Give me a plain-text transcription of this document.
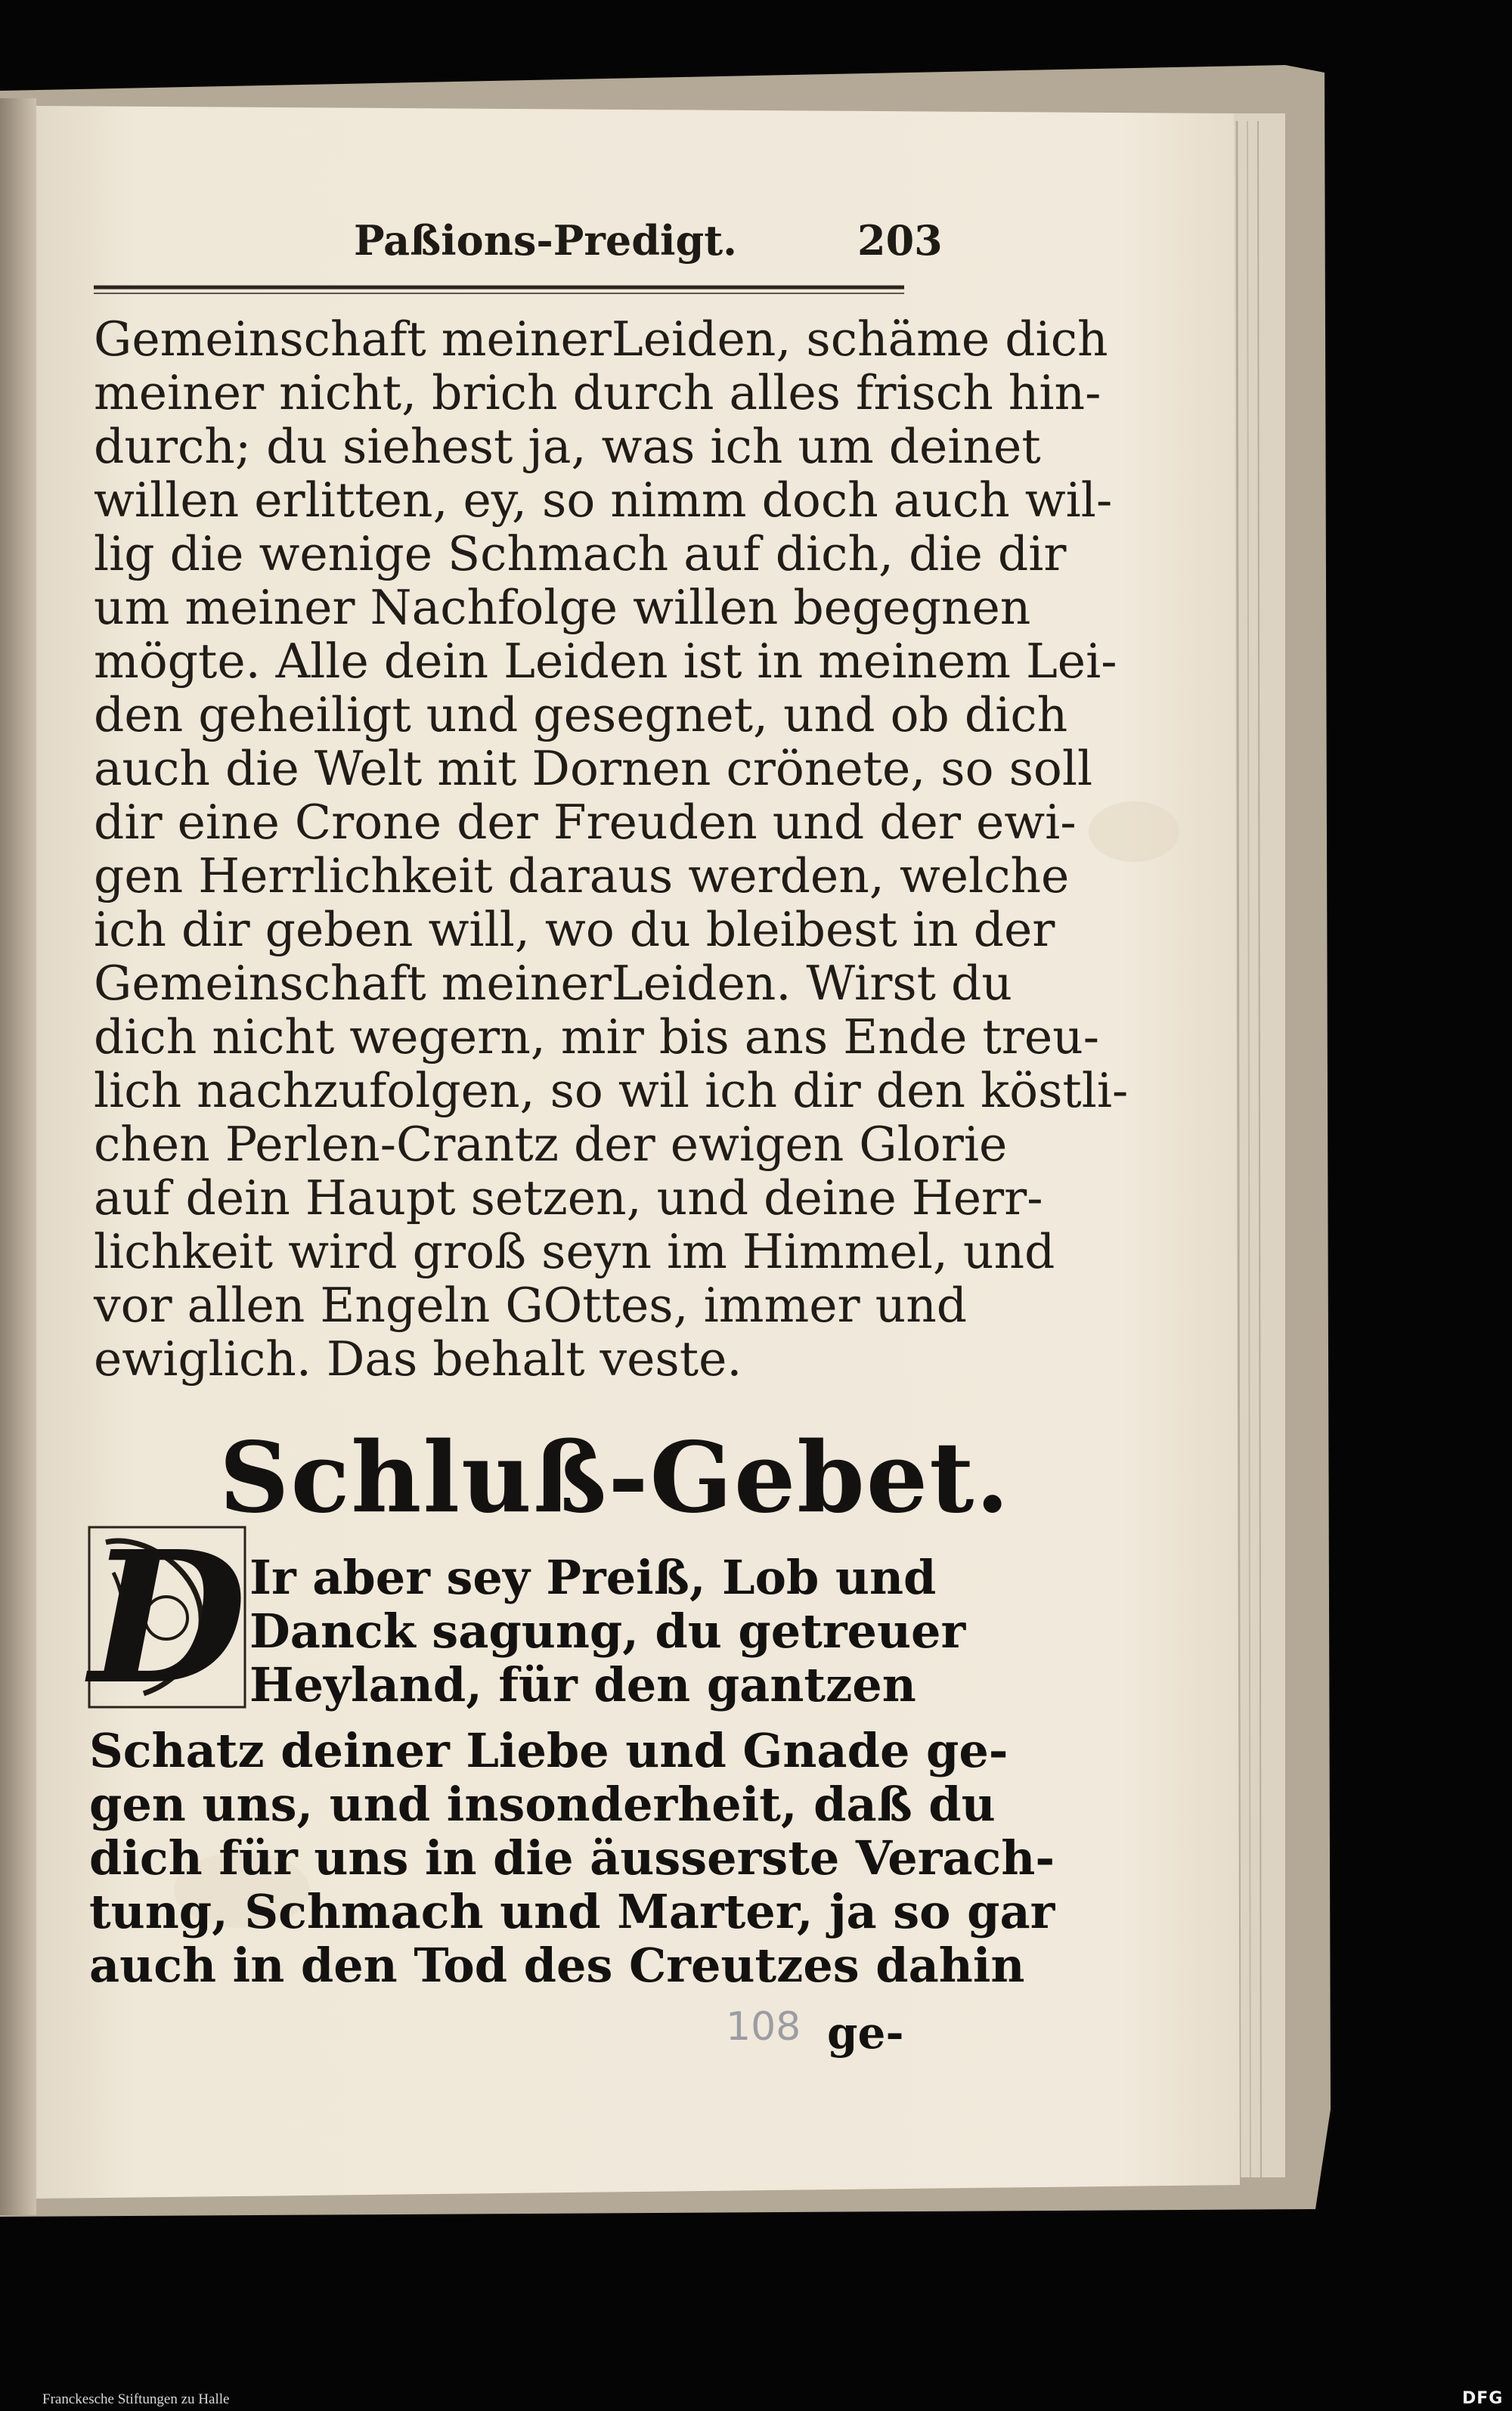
Paßions-Predigt.	203
Gemeinschaft meinerLeiden, schäme dich
meiner nicht, brich durch alles frisch hin-
durch; du siehest ja, was ich um deinet
willen erlitten, ey, so nimm doch auch wil-
lig die wenige Schmach auf dich, die dir
um meiner Nachfolge willen begegnen
mögte. Alle dein Leiden ist in meinem Lei-
den geheiligt und gesegnet, und ob dich
auch die Welt mit Dornen crönete, so soll
dir eine Crone der Freuden und der ewi-
gen Herrlichkeit daraus werden, welche
ich dir geben will, wo du bleibest in der
Gemeinschaft meinerLeiden. Wirst du
dich nicht wegern, mir bis ans Ende treu-
lich nachzufolgen, so wil ich dir den köstli-
chen Perlen-Crantz der ewigen Glorie
auf dein Haupt setzen, und deine Herr-
lichkeit wird groß seyn im Himmel, und
vor allen Engeln GOttes, immer und
ewiglich. Das behalt veste.
Schluß-Gebet.
D Ir aber sey Preiß, Lob und
Danck sagung, du getreuer
Heyland, für den gantzen
Schatz deiner Liebe und Gnade ge-
gen uns, und insonderheit, daß du
dich für uns in die äusserste Verach-
tung, Schmach und Marter, ja so gar
auch in den Tod des Creutzes dahin
108 ge-
Franckesche Stiftungen zu Halle	DFG
